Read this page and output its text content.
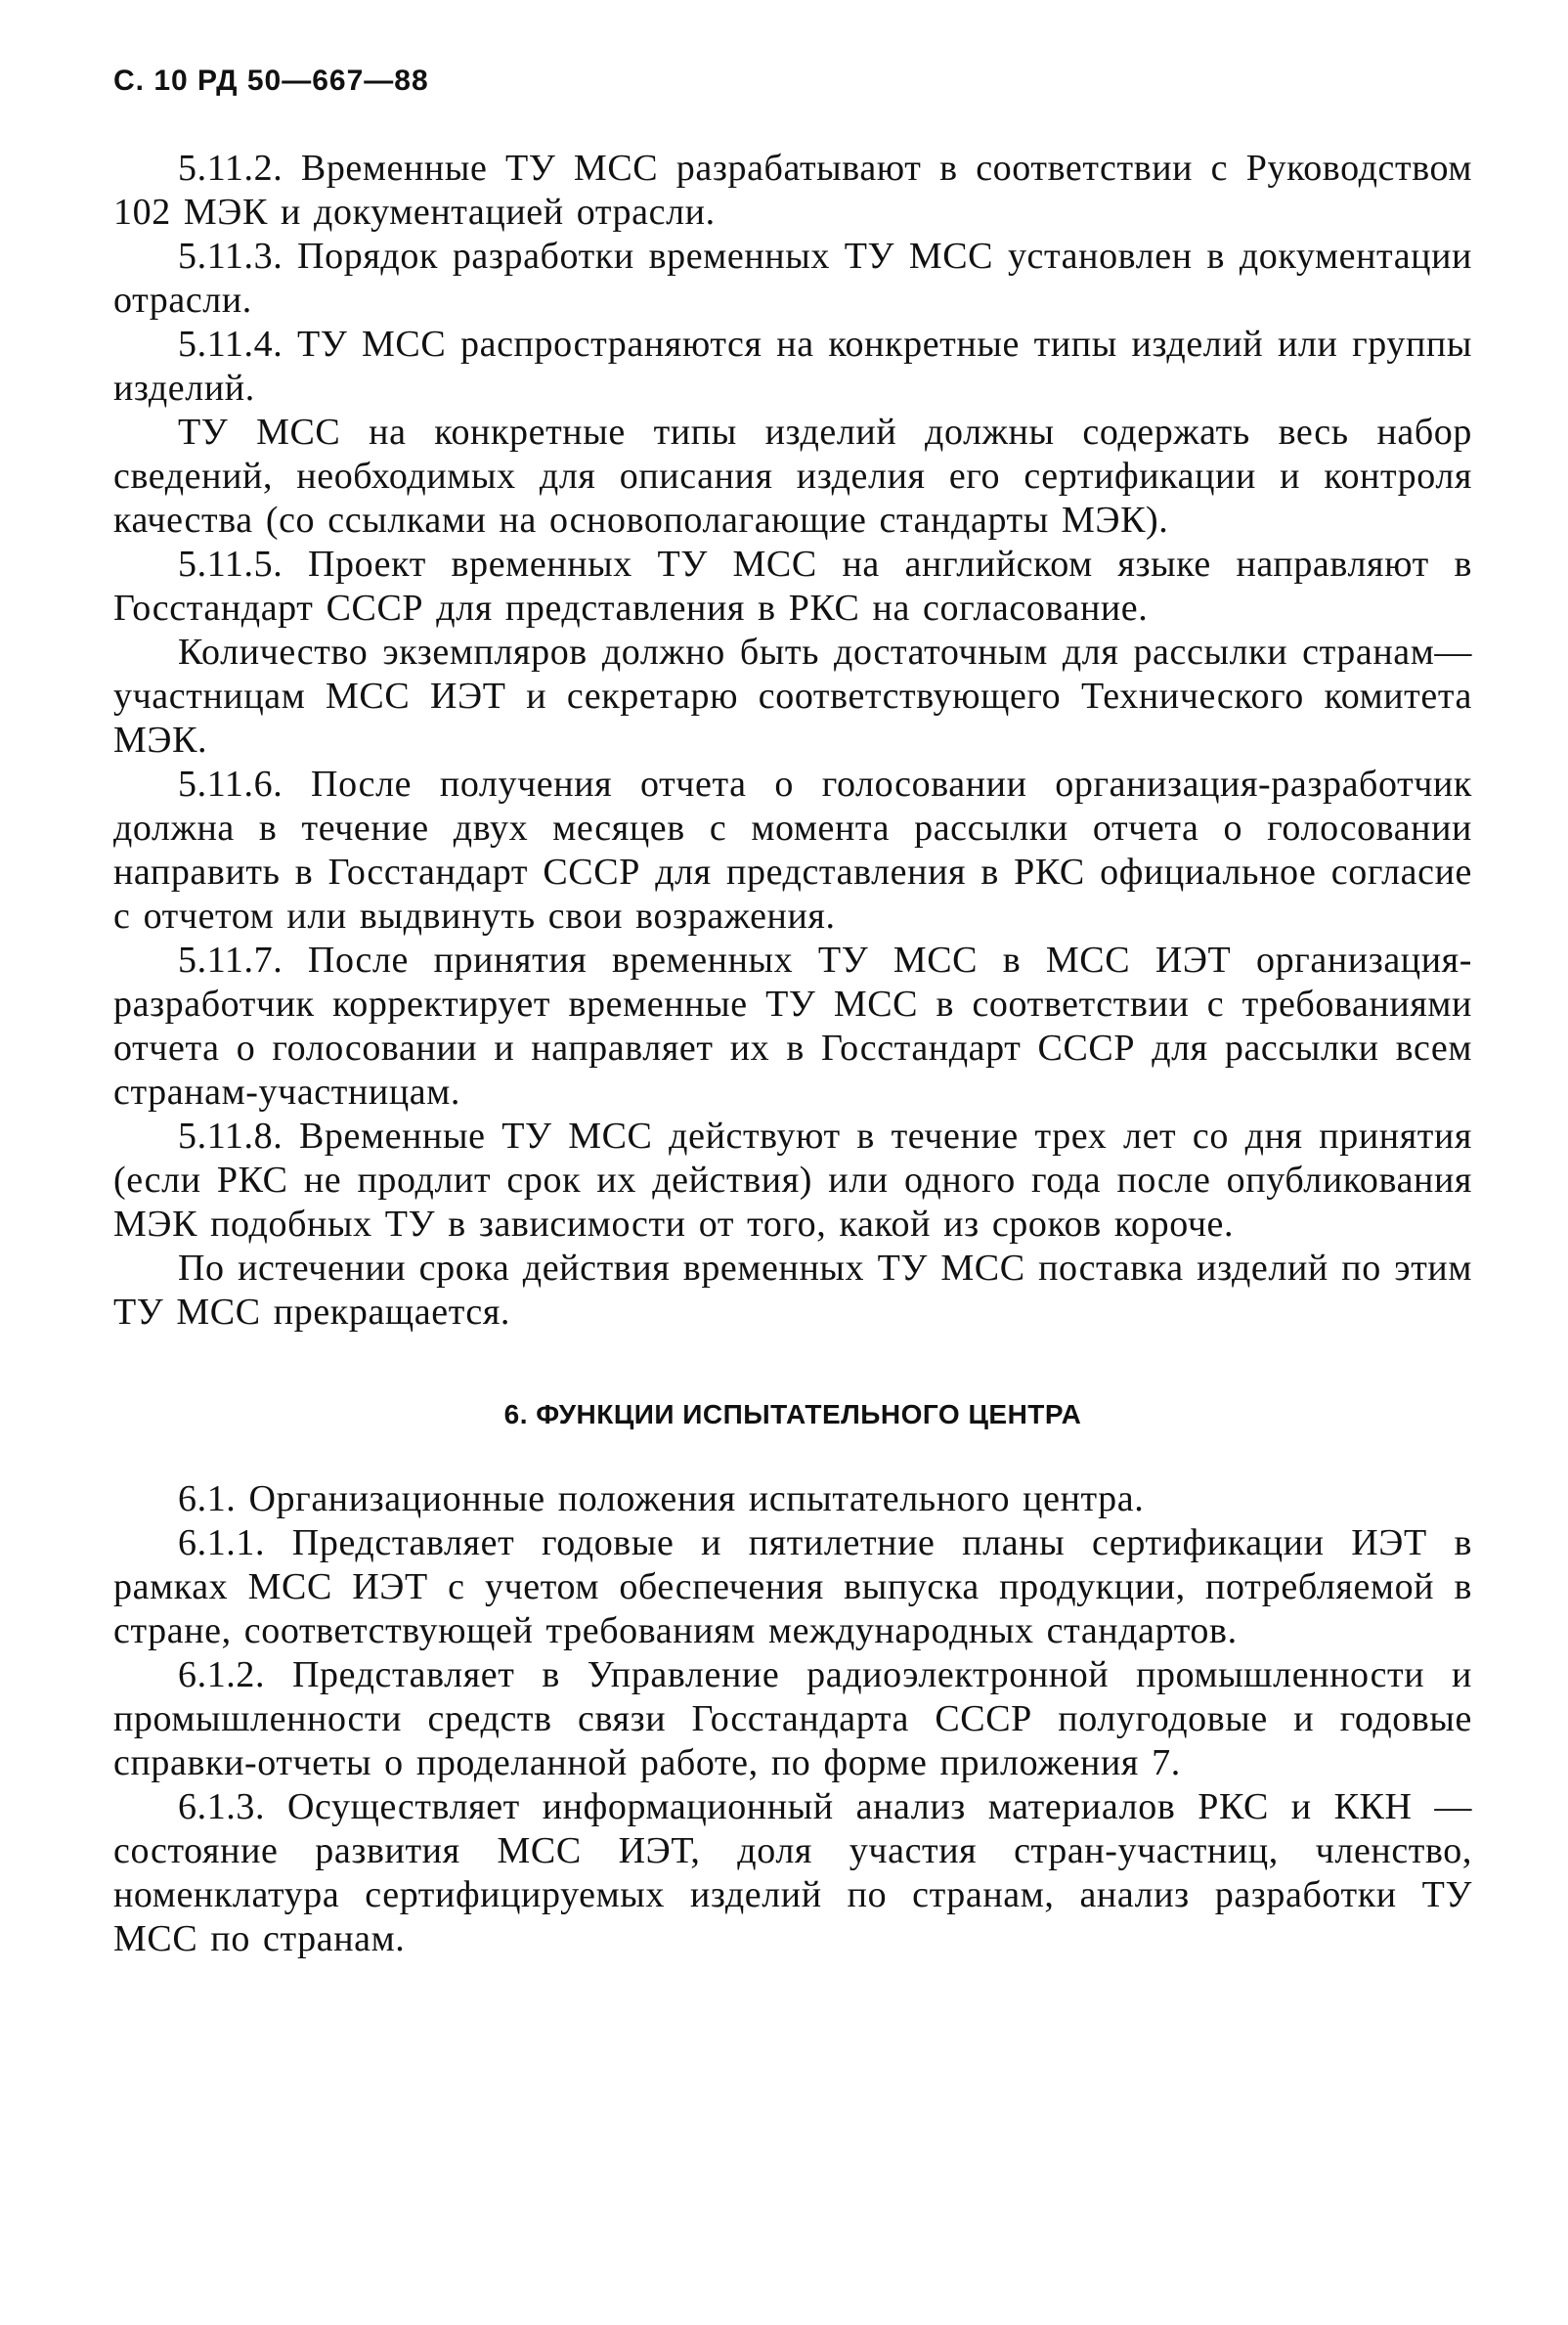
С. 10 РД 50—667—88

5.11.2. Временные ТУ МСС разрабатывают в соответствии с Руководством 102 МЭК и документацией отрасли.

5.11.3. Порядок разработки временных ТУ МСС установлен в документации отрасли.

5.11.4. ТУ МСС распространяются на конкретные типы изделий или группы изделий.

ТУ МСС на конкретные типы изделий должны содержать весь набор сведений, необходимых для описания изделия его сертификации и контроля качества (со ссылками на основополагающие стандарты МЭК).

5.11.5. Проект временных ТУ МСС на английском языке направляют в Госстандарт СССР для представления в РКС на согласование.

Количество экземпляров должно быть достаточным для рассылки странам—участницам МСС ИЭТ и секретарю соответствующего Технического комитета МЭК.

5.11.6. После получения отчета о голосовании организация-разработчик должна в течение двух месяцев с момента рассылки отчета о голосовании направить в Госстандарт СССР для представления в РКС официальное согласие с отчетом или выдвинуть свои возражения.

5.11.7. После принятия временных ТУ МСС в МСС ИЭТ организация-разработчик корректирует временные ТУ МСС в соответствии с требованиями отчета о голосовании и направляет их в Госстандарт СССР для рассылки всем странам-участницам.

5.11.8. Временные ТУ МСС действуют в течение трех лет со дня принятия (если РКС не продлит срок их действия) или одного года после опубликования МЭК подобных ТУ в зависимости от того, какой из сроков короче.

По истечении срока действия временных ТУ МСС поставка изделий по этим ТУ МСС прекращается.

6. ФУНКЦИИ ИСПЫТАТЕЛЬНОГО ЦЕНТРА

6.1. Организационные положения испытательного центра.

6.1.1. Представляет годовые и пятилетние планы сертификации ИЭТ в рамках МСС ИЭТ с учетом обеспечения выпуска продукции, потребляемой в стране, соответствующей требованиям международных стандартов.

6.1.2. Представляет в Управление радиоэлектронной промышленности и промышленности средств связи Госстандарта СССР полугодовые и годовые справки-отчеты о проделанной работе, по форме приложения 7.

6.1.3. Осуществляет информационный анализ материалов РКС и ККН — состояние развития МСС ИЭТ, доля участия стран-участниц, членство, номенклатура сертифицируемых изделий по странам, анализ разработки ТУ МСС по странам.
